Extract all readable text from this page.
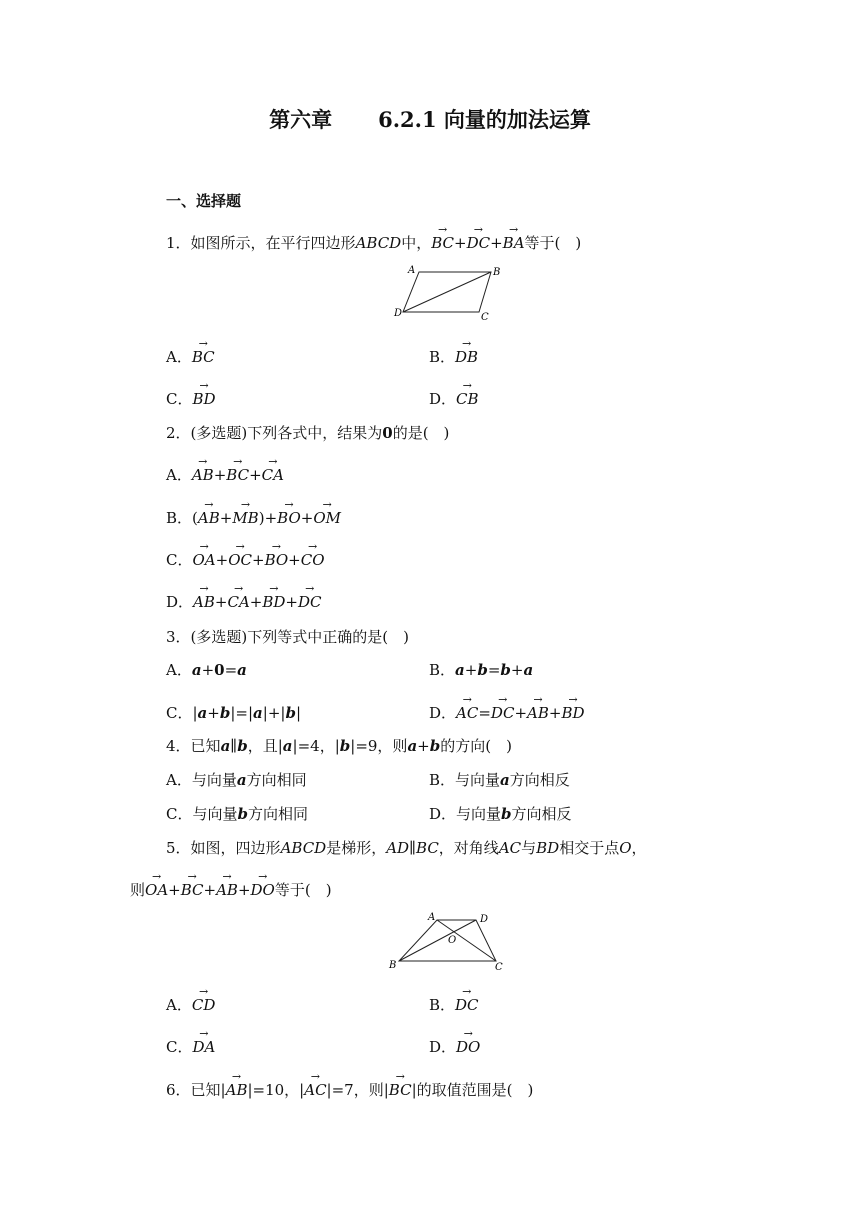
第六章 6.2.1 向量的加法运算
一、选择题
1．如图所示，在平行四边形ABCD中，→ BC+→ DC+→ BA等于(　)
A	B
C
D
A．→ BC	B．→ DB
C．→ BD	D．→ CB
2．(多选题)下列各式中，结果为0的是(　)
A．→ AB+→ BC+→ CA
B．(→ AB+→ MB)+→ BO+→ OM
C．→ OA+→ OC+→ BO+→ CO
D．→ AB+→ CA+→ BD+→ DC
3．(多选题)下列等式中正确的是(　)
A．a+0=a	B．a+b=b+a
C．|a+b|=|a|+|b|	D．→ AC=→ DC+→ AB+→ BD
4．已知a∥b，且|a|=4，|b|=9，则a+b的方向(　)
A．与向量a方向相同	B．与向量a方向相反
C．与向量b方向相同	D．与向量b方向相反
5．如图，四边形ABCD是梯形，AD∥BC，对角线AC与BD相交于点O，
则→ OA+→ BC+→ AB+→ DO等于(　)
A	D
O
B	C
A．→ CD	B．→ DC
C．→ DA	D．→ DO
6．已知|→ AB|=10，|→ AC|=7，则|→ BC|的取值范围是(　)
